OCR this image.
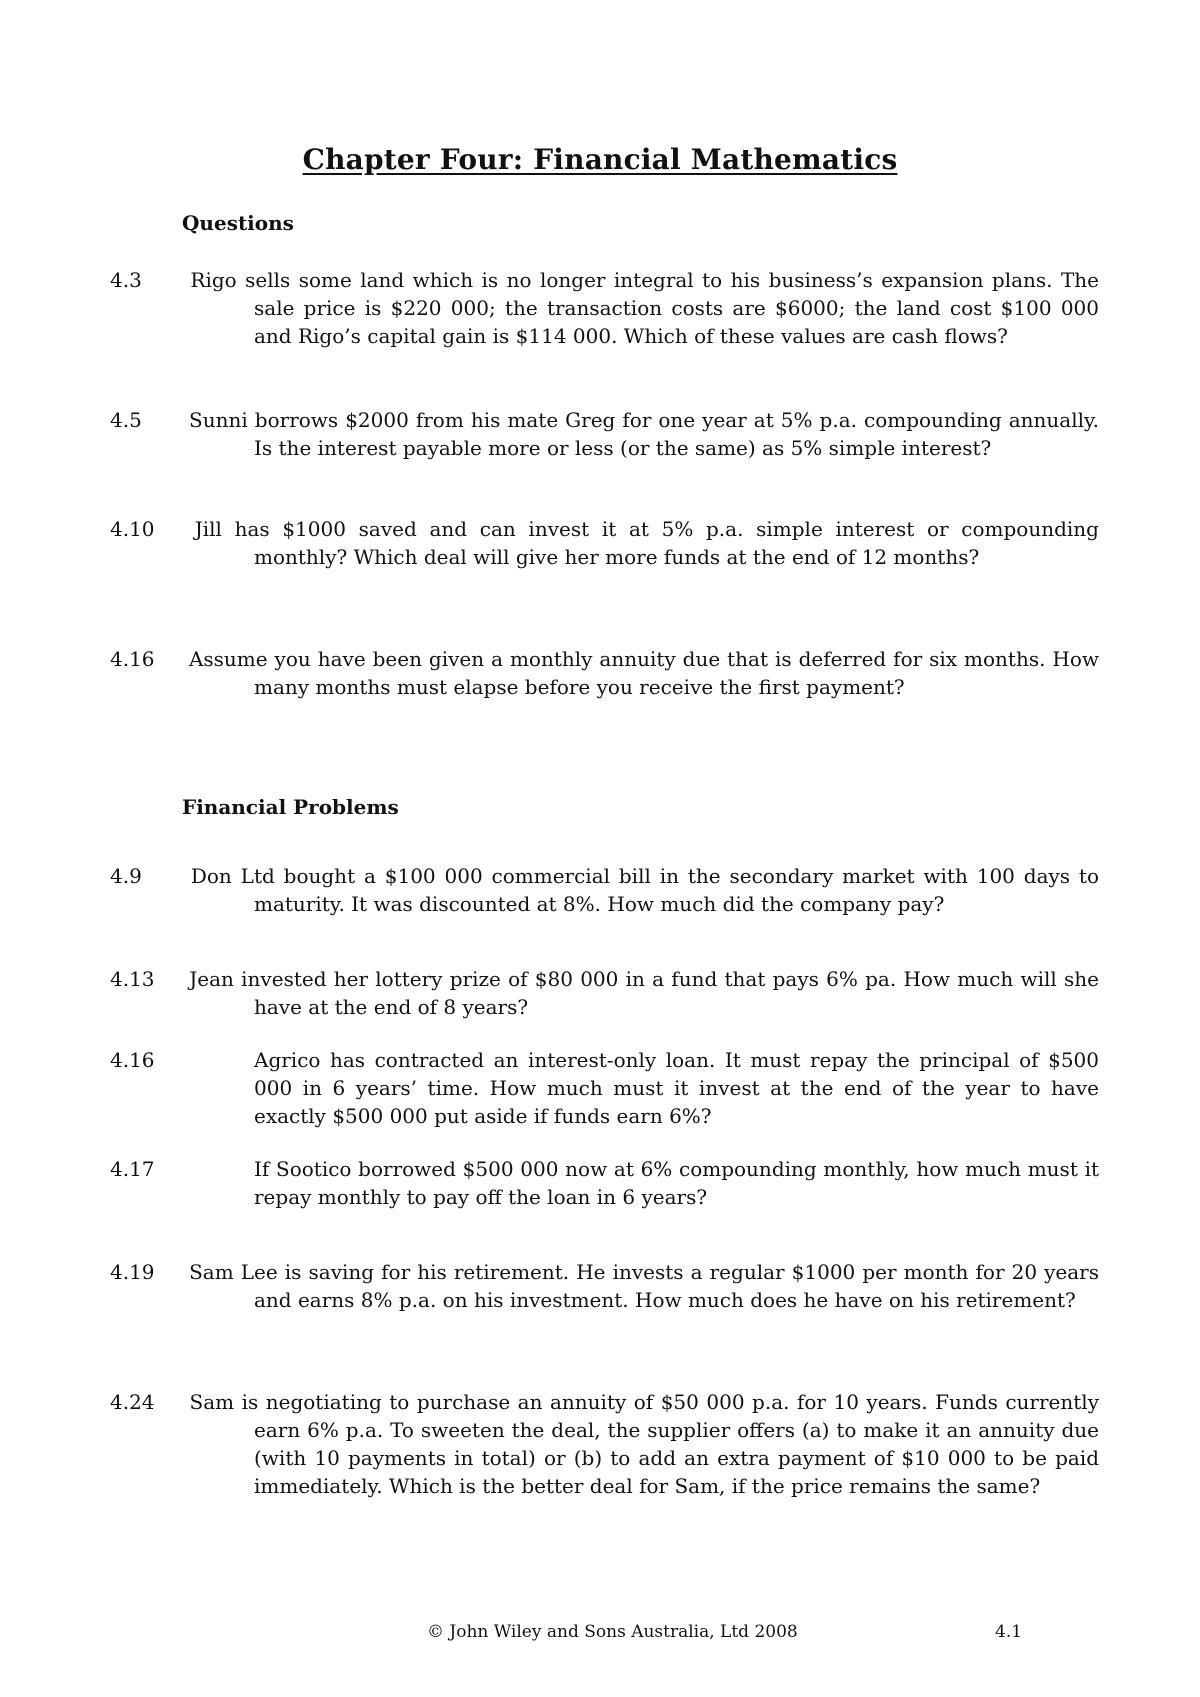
Chapter Four: Financial Mathematics
Questions
4.3 Rigo sells some land which is no longer integral to his business’s expansion plans. The sale price is $220 000; the transaction costs are $6000; the land cost $100 000 and Rigo’s capital gain is $114 000. Which of these values are cash flows?
4.5 Sunni borrows $2000 from his mate Greg for one year at 5% p.a. compounding annually. Is the interest payable more or less (or the same) as 5% simple interest?
4.10 Jill has $1000 saved and can invest it at 5% p.a. simple interest or compounding monthly? Which deal will give her more funds at the end of 12 months?
4.16 Assume you have been given a monthly annuity due that is deferred for six months. How many months must elapse before you receive the first payment?
Financial Problems
4.9 Don Ltd bought a $100 000 commercial bill in the secondary market with 100 days to maturity. It was discounted at 8%. How much did the company pay?
4.13 Jean invested her lottery prize of $80 000 in a fund that pays 6% pa. How much will she have at the end of 8 years?
4.16	Agrico has contracted an interest-only loan. It must repay the principal of $500 000 in 6 years’ time. How much must it invest at the end of the year to have exactly $500 000 put aside if funds earn 6%?
4.17	If Sootico borrowed $500 000 now at 6% compounding monthly, how much must it repay monthly to pay off the loan in 6 years?
4.19 Sam Lee is saving for his retirement. He invests a regular $1000 per month for 20 years and earns 8% p.a. on his investment. How much does he have on his retirement?
4.24 Sam is negotiating to purchase an annuity of $50 000 p.a. for 10 years. Funds currently earn 6% p.a. To sweeten the deal, the supplier offers (a) to make it an annuity due (with 10 payments in total) or (b) to add an extra payment of $10 000 to be paid immediately. Which is the better deal for Sam, if the price remains the same?
© John Wiley and Sons Australia, Ltd 2008	4.1
